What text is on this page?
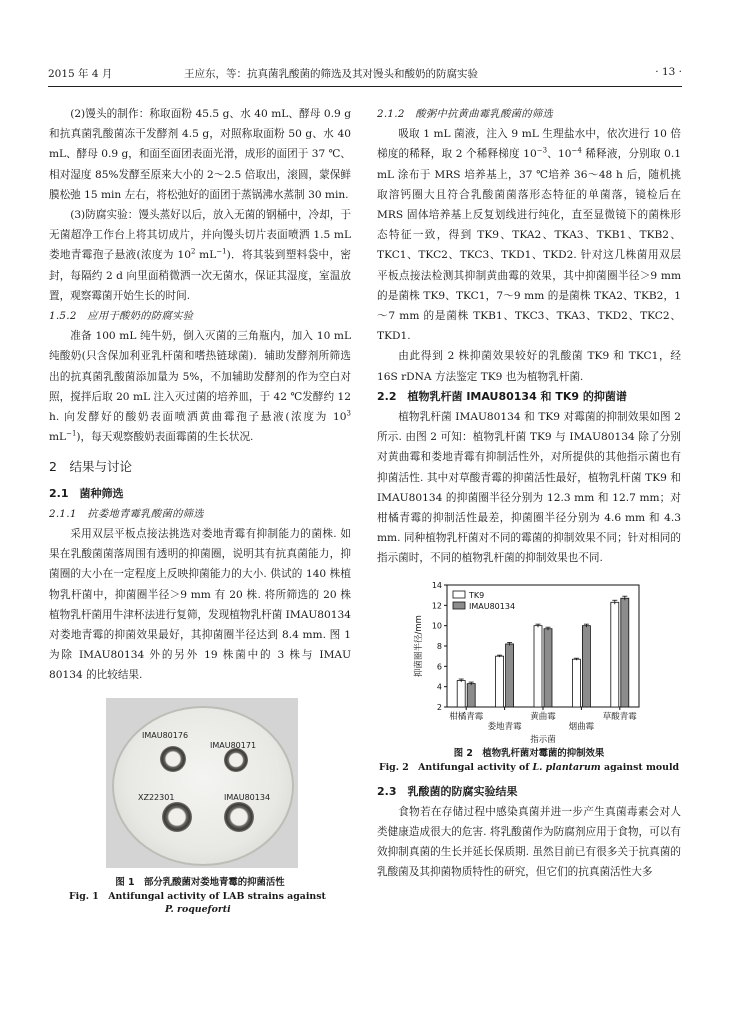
2015 年 4 月	王应东，等：抗真菌乳酸菌的筛选及其对馒头和酸奶的防腐实验	· 13 ·

(2)馒头的制作：称取面粉 45.5 g、水 40 mL、酵母 0.9 g 和抗真菌乳酸菌冻干发酵剂 4.5 g，对照称取面粉 50 g、水 40 mL、酵母 0.9 g，和面至面团表面光滑，成形的面团于 37 ℃、相对湿度 85%发酵至原来大小的 2～2.5 倍取出，滚圆，蒙保鲜膜松弛 15 min 左右，将松弛好的面团于蒸锅沸水蒸制 30 min.

(3)防腐实验：馒头蒸好以后，放入无菌的钢桶中，冷却，于无菌超净工作台上将其切成片，并向馒头切片表面喷洒 1.5 mL 娄地青霉孢子悬液(浓度为 $10^2$ $mL^{-1}$)．将其装到塑料袋中，密封，每隔约 2 d 向里面稍微洒一次无菌水，保证其湿度，室温放置，观察霉菌开始生长的时间.

1.5.2　应用于酸奶的防腐实验

准备 100 mL 纯牛奶，倒入灭菌的三角瓶内，加入 10 mL 纯酸奶(只含保加利亚乳杆菌和嗜热链球菌)．辅助发酵剂所筛选出的抗真菌乳酸菌添加量为 5%，不加辅助发酵剂的作为空白对照，搅拌后取 20 mL 注入灭过菌的培养皿，于 42 ℃发酵约 12 h. 向发酵好的酸奶表面喷洒黄曲霉孢子悬液(浓度为 $10^3$ $mL^{-1}$)，每天观察酸奶表面霉菌的生长状况.

2　结果与讨论
2.1　菌种筛选
2.1.1　抗娄地青霉乳酸菌的筛选

采用双层平板点接法挑选对娄地青霉有抑制能力的菌株. 如果在乳酸菌菌落周围有透明的抑菌圈，说明其有抗真菌能力，抑菌圈的大小在一定程度上反映抑菌能力的大小. 供试的 140 株植物乳杆菌中，抑菌圈半径＞9 mm 有 20 株. 将所筛选的 20 株植物乳杆菌用牛津杯法进行复筛，发现植物乳杆菌 IMAU80134 对娄地青霉的抑菌效果最好，其抑菌圈半径达到 8.4 mm. 图 1 为除 IMAU80134 外的另外 19 株菌中的 3 株与 IMAU 80134 的比较结果.

IMAU80176
IMAU80171
XZ22301	IMAU80134
图 1　部分乳酸菌对娄地青霉的抑菌活性
Fig. 1　Antifungal activity of LAB strains against
P. roqueforti
2.1.2　酸粥中抗黄曲霉乳酸菌的筛选

吸取 1 mL 菌液，注入 9 mL 生理盐水中，依次进行 10 倍梯度的稀释，取 2 个稀释梯度 $10^{-3}$、$10^{-4}$ 稀释液，分别取 0.1 mL 涂布于 MRS 培养基上，37 ℃培养 36～48 h 后，随机挑取溶钙圈大且符合乳酸菌菌落形态特征的单菌落，镜检后在 MRS 固体培养基上反复划线进行纯化，直至显微镜下的菌株形态特征一致，得到 TK9、TKA2、TKA3、TKB1、TKB2、TKC1、TKC2、TKC3、TKD1、TKD2. 针对这几株菌用双层平板点接法检测其抑制黄曲霉的效果，其中抑菌圈半径＞9 mm 的是菌株 TK9、TKC1，7～9 mm 的是菌株 TKA2、TKB2，1～7 mm 的是菌株 TKB1、TKC3、TKA3、TKD2、TKC2、TKD1.

由此得到 2 株抑菌效果较好的乳酸菌 TK9 和 TKC1，经 16S rDNA 方法鉴定 TK9 也为植物乳杆菌.

2.2　植物乳杆菌 IMAU80134 和 TK9 的抑菌谱

植物乳杆菌 IMAU80134 和 TK9 对霉菌的抑制效果如图 2 所示. 由图 2 可知：植物乳杆菌 TK9 与 IMAU80134 除了分别对黄曲霉和娄地青霉有抑制活性外，对所提供的其他指示菌也有抑菌活性. 其中对草酸青霉的抑菌活性最好，植物乳杆菌 TK9 和 IMAU80134 的抑菌圈半径分别为 12.3 mm 和 12.7 mm；对柑橘青霉的抑制活性最差，抑菌圈半径分别为 4.6 mm 和 4.3 mm. 同种植物乳杆菌对不同的霉菌的抑制效果不同；针对相同的指示菌时，不同的植物乳杆菌的抑制效果也不同.

2
4
6
8
10
12
14
抑菌圈半径/mm
柑橘青霉
娄地青霉
黄曲霉
烟曲霉
草酸青霉
指示菌
TK9
IMAU80134
图 2　植物乳杆菌对霉菌的抑制效果
Fig. 2　Antifungal activity of L. plantarum against mould
2.3　乳酸菌的防腐实验结果

食物若在存储过程中感染真菌并进一步产生真菌毒素会对人类健康造成很大的危害. 将乳酸菌作为防腐剂应用于食物，可以有效抑制真菌的生长并延长保质期. 虽然目前已有很多关于抗真菌的乳酸菌及其抑菌物质特性的研究，但它们的抗真菌活性大多
